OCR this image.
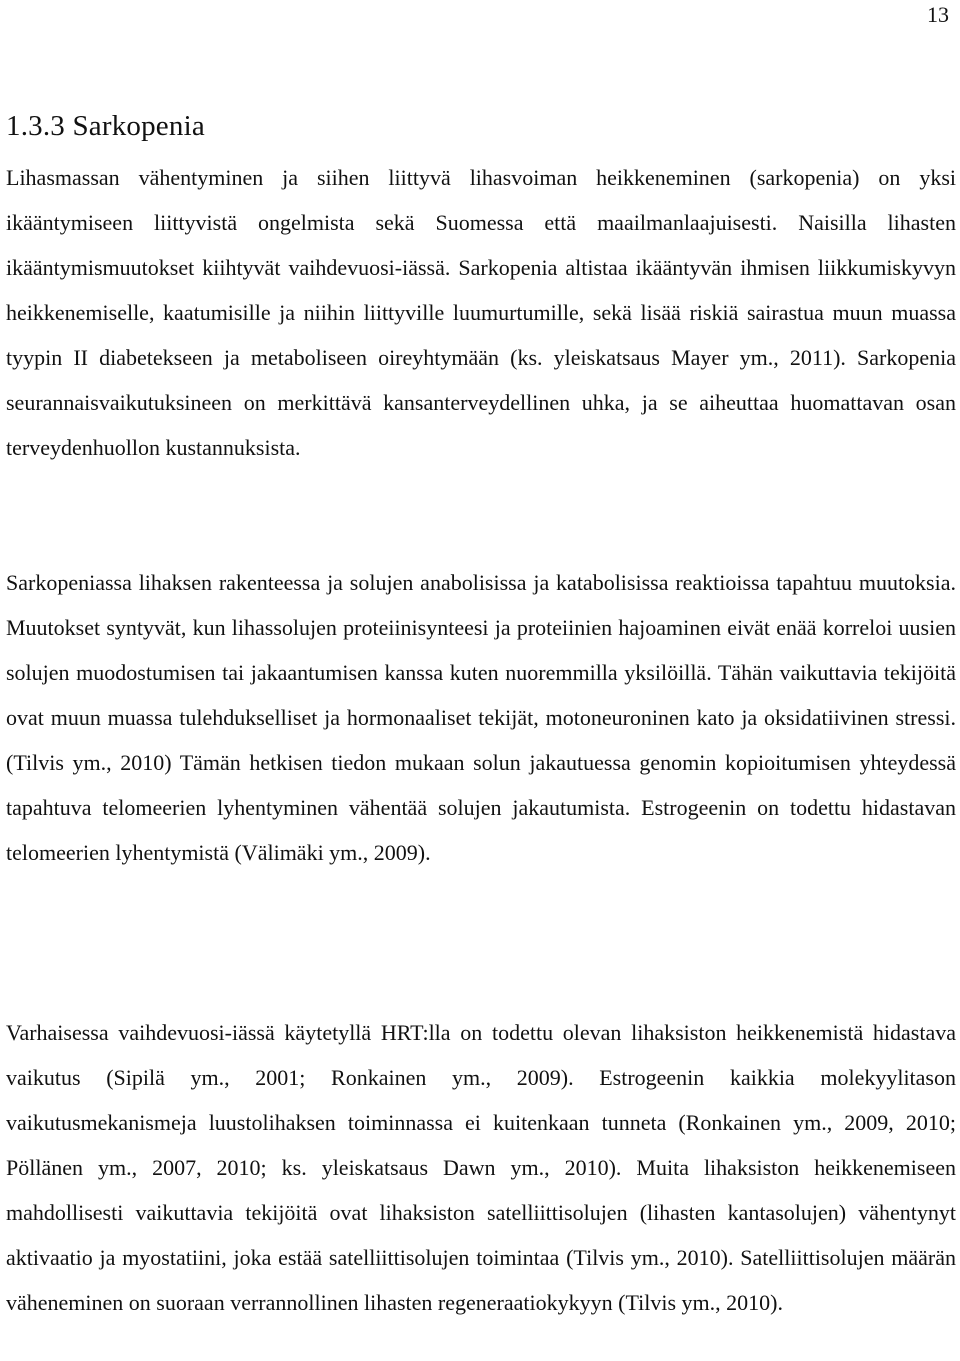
13
1.3.3 Sarkopenia

Lihasmassan vähentyminen ja siihen liittyvä lihasvoiman heikkeneminen (sarkopenia) on yksi ikääntymiseen liittyvistä ongelmista sekä Suomessa että maailmanlaajuisesti. Naisilla lihasten ikääntymismuutokset kiihtyvät vaihdevuosi-iässä. Sarkopenia altistaa ikääntyvän ihmisen liikkumiskyvyn heikkenemiselle, kaatumisille ja niihin liittyville luumurtumille, sekä lisää riskiä sairastua muun muassa tyypin II diabetekseen ja metaboliseen oireyhtymään (ks. yleiskatsaus Mayer ym., 2011). Sarkopenia seurannaisvaikutuksineen on merkittävä kansanterveydellinen uhka, ja se aiheuttaa huomattavan osan terveydenhuollon kustannuksista.

Sarkopeniassa lihaksen rakenteessa ja solujen anabolisissa ja katabolisissa reaktioissa tapahtuu muutoksia. Muutokset syntyvät, kun lihassolujen proteiinisynteesi ja proteiinien hajoaminen eivät enää korreloi uusien solujen muodostumisen tai jakaantumisen kanssa kuten nuoremmilla yksilöillä. Tähän vaikuttavia tekijöitä ovat muun muassa tulehdukselliset ja hormonaaliset tekijät, motoneuroninen kato ja oksidatiivinen stressi. (Tilvis ym., 2010) Tämän hetkisen tiedon mukaan solun jakautuessa genomin kopioitumisen yhteydessä tapahtuva telomeerien lyhentyminen vähentää solujen jakautumista. Estrogeenin on todettu hidastavan telomeerien lyhentymistä (Välimäki ym., 2009).

Varhaisessa vaihdevuosi-iässä käytetyllä HRT:lla on todettu olevan lihaksiston heikkenemistä hidastava vaikutus (Sipilä ym., 2001; Ronkainen ym., 2009). Estrogeenin kaikkia molekyylitason vaikutusmekanismeja luustolihaksen toiminnassa ei kuitenkaan tunneta (Ronkainen ym., 2009, 2010; Pöllänen ym., 2007, 2010; ks. yleiskatsaus Dawn ym., 2010). Muita lihaksiston heikkenemiseen mahdollisesti vaikuttavia tekijöitä ovat lihaksiston satelliittisolujen (lihasten kantasolujen) vähentynyt aktivaatio ja myostatiini, joka estää satelliittisolujen toimintaa (Tilvis ym., 2010). Satelliittisolujen määrän väheneminen on suoraan verrannollinen lihasten regeneraatiokykyyn (Tilvis ym., 2010).
